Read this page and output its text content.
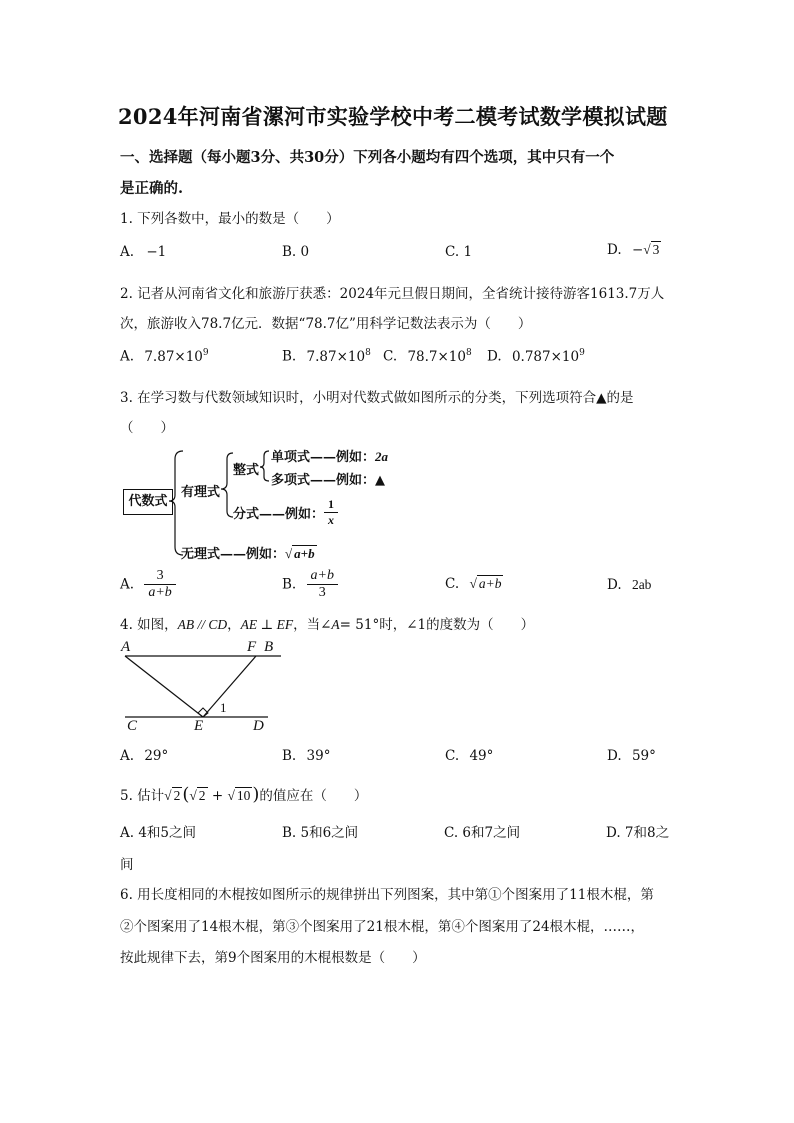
2024年河南省漯河市实验学校中考二模考试数学模拟试题
一、选择题（每小题3分、共30分）下列各小题均有四个选项，其中只有一个
是正确的.
1. 下列各数中，最小的数是（　　）
A. −1	B. 0	C. 1	D. −√ 3
2. 记者从河南省文化和旅游厅获悉：2024年元旦假日期间，全省统计接待游客1613.7万人
次，旅游收入78.7亿元．数据“78.7亿”用科学记数法表示为（　　）
A. $7.87\times 10^9$	B. $7.87\times 10^8$ C. $78.7\times 10^8$ D. $0.787\times 10^9$
3. 在学习数与代数领域知识时，小明对代数式做如图所示的分类，下列选项符合▲的是
（　　）
代数式
有理式
整式
单项式——例如：2a
多项式——例如：▲
分式——例如： $\frac{1}{x}$
无理式——例如：√ a+b
A. $\frac{3}{a+b}$	B. $\frac{a+b}{3}$	C. √ a+b	D. 2ab
4. 如图，AB // CD，AE ⊥ EF，当∠A= 51°时，∠1的度数为（　　）
A	F B
C	E	D
1
A. 29°	B. 39°	C. 49°	D. 59°
5. 估计√ 2 (√ 2 + √ 10 )的值应在（　　）
A. 4和5之间	B. 5和6之间	C. 6和7之间	D. 7和8之
间
6. 用长度相同的木棍按如图所示的规律拼出下列图案，其中第①个图案用了11根木棍，第
②个图案用了14根木棍，第③个图案用了21根木棍，第④个图案用了24根木棍，……，
按此规律下去，第9个图案用的木棍根数是（　　）
